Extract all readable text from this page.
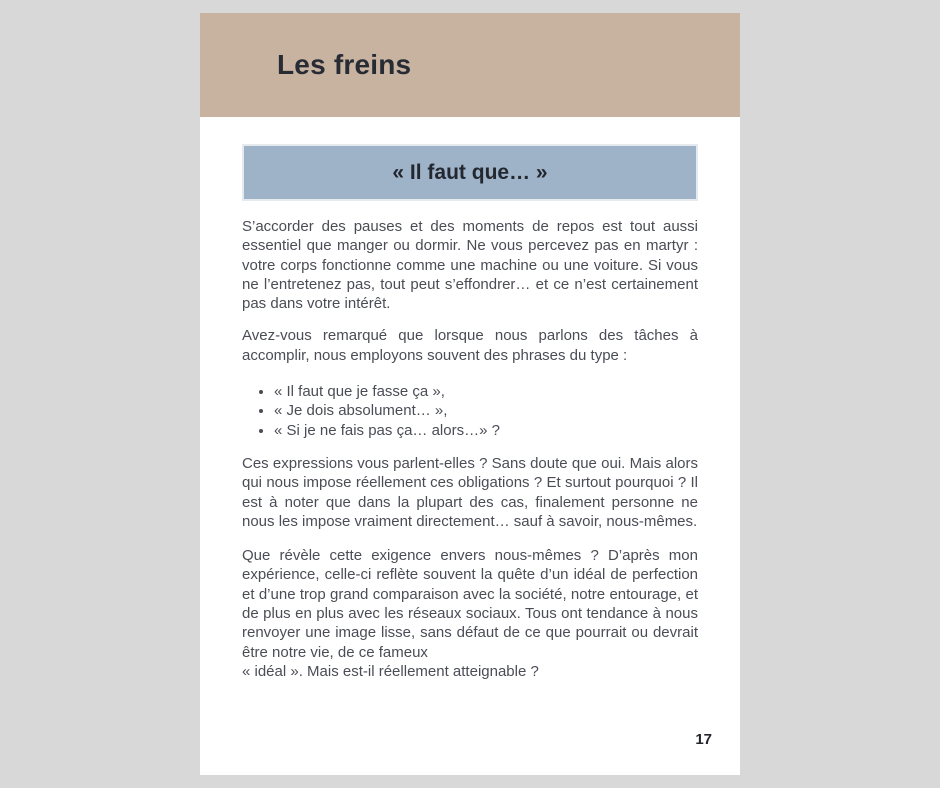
Les freins
« Il faut que… »

S’accorder des pauses et des moments de repos est tout aussi essentiel que manger ou dormir. Ne vous percevez pas en martyr : votre corps fonctionne comme une machine ou une voiture. Si vous ne l’entretenez pas, tout peut s’effondrer… et ce n’est certainement pas dans votre intérêt.

Avez-vous remarqué que lorsque nous parlons des tâches à accomplir, nous employons souvent des phrases du type :

• « Il faut que je fasse ça »,
• « Je dois absolument… »,
• « Si je ne fais pas ça… alors…» ?

Ces expressions vous parlent-elles ? Sans doute que oui. Mais alors qui nous impose réellement ces obligations ? Et surtout pourquoi ? Il est à noter que dans la plupart des cas, finalement personne ne nous les impose vraiment directement… sauf à savoir, nous-mêmes.

Que révèle cette exigence envers nous-mêmes ? D’après mon expérience, celle-ci reflète souvent la quête d’un idéal de perfection et d’une trop grand comparaison avec la société, notre entourage, et de plus en plus avec les réseaux sociaux. Tous ont tendance à nous renvoyer une image lisse, sans défaut de ce que pourrait ou devrait être notre vie, de ce fameux
« idéal ». Mais est-il réellement atteignable ?

17
